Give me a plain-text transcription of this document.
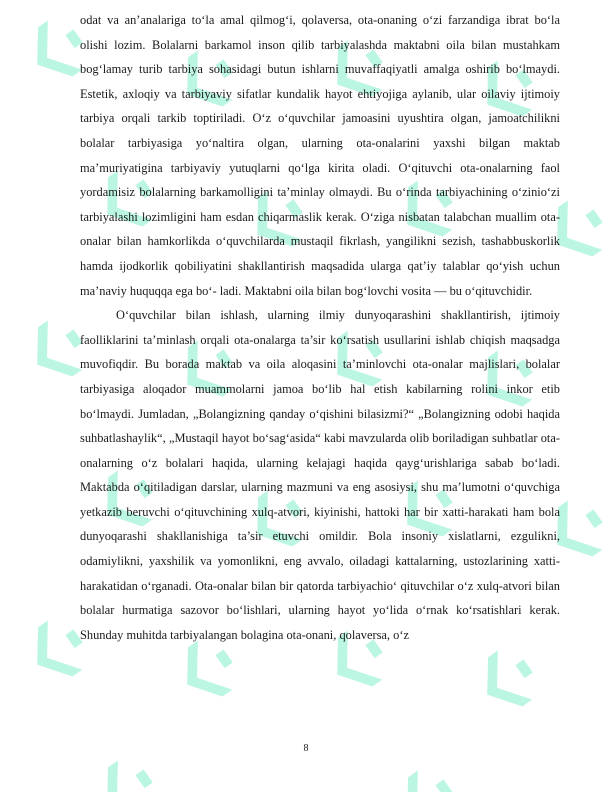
odat va an’analariga to‘la amal qilmog‘i, qolaversa, ota-onaning o‘zi farzandiga ibrat bo‘la olishi lozim. Bolalarni barkamol inson qilib tarbiyalashda maktabni oila bilan mustahkam bog‘lamay turib tarbiya sohasidagi butun ishlarni muvaffaqiyatli amalga oshirib bo‘lmaydi. Estetik, axloqiy va tarbiyaviy sifatlar kundalik hayot ehtiyojiga aylanib, ular oilaviy ijtimoiy tarbiya orqali tarkib toptiriladi. O‘z o‘quvchilar jamoasini uyushtira olgan, jamoatchilikni bolalar tarbiyasiga yo‘naltira olgan, ularning ota-onalarini yaxshi bilgan maktab ma’muriyatigina tarbiyaviy yutuqlarni qo‘lga kirita oladi. O‘qituvchi ota-onalarning faol yordamisiz bolalarning barkamolligini ta’minlay olmaydi. Bu o‘rinda tarbiyachining o‘zinio‘zi tarbiyalashi lozimligini ham esdan chiqarmaslik kerak. O‘ziga nisbatan talabchan muallim ota-onalar bilan hamkorlikda o‘quvchilarda mustaqil fikrlash, yangilikni sezish, tashabbuskorlik hamda ijodkorlik qobiliyatini shakllantirish maqsadida ularga qat’iy talablar qo‘yish uchun ma’naviy huquqqa ega bo‘- ladi. Maktabni oila bilan bog‘lovchi vosita — bu o‘qituvchidir.

O‘quvchilar bilan ishlash, ularning ilmiy dunyoqarashini shakllantirish, ijtimoiy faolliklarini ta’minlash orqali ota-onalarga ta’sir ko‘rsatish usullarini ishlab chiqish maqsadga muvofiqdir. Bu borada maktab va oila aloqasini ta’minlovchi ota-onalar majlislari, bolalar tarbiyasiga aloqador muammolarni jamoa bo‘lib hal etish kabilarning rolini inkor etib bo‘lmaydi. Jumladan, „Bolangizning qanday o‘qishini bilasizmi?“ „Bolangizning odobi haqida suhbatlashaylik“, „Mustaqil hayot bo‘sag‘asida“ kabi mavzularda olib boriladigan suhbatlar ota-onalarning o‘z bolalari haqida, ularning kelajagi haqida qayg‘urishlariga sabab bo‘ladi. Maktabda o‘qitiladigan darslar, ularning mazmuni va eng asosiysi, shu ma’lumotni o‘quvchiga yetkazib beruvchi o‘qituvchining xulq-atvori, kiyinishi, hattoki har bir xatti-harakati ham bola dunyoqarashi shakllanishiga ta’sir etuvchi omildir. Bola insoniy xislatlarni, ezgulikni, odamiylikni, yaxshilik va yomonlikni, eng avvalo, oiladagi kattalarning, ustozlarining xatti-harakatidan o‘rganadi. Ota-onalar bilan bir qatorda tarbiyachio‘ qituvchilar o‘z xulq-atvori bilan bolalar hurmatiga sazovor bo‘lishlari, ularning hayot yo‘lida o‘rnak ko‘rsatishlari kerak. Shunday muhitda tarbiyalangan bolagina ota-onani, qolaversa, o‘z

8
